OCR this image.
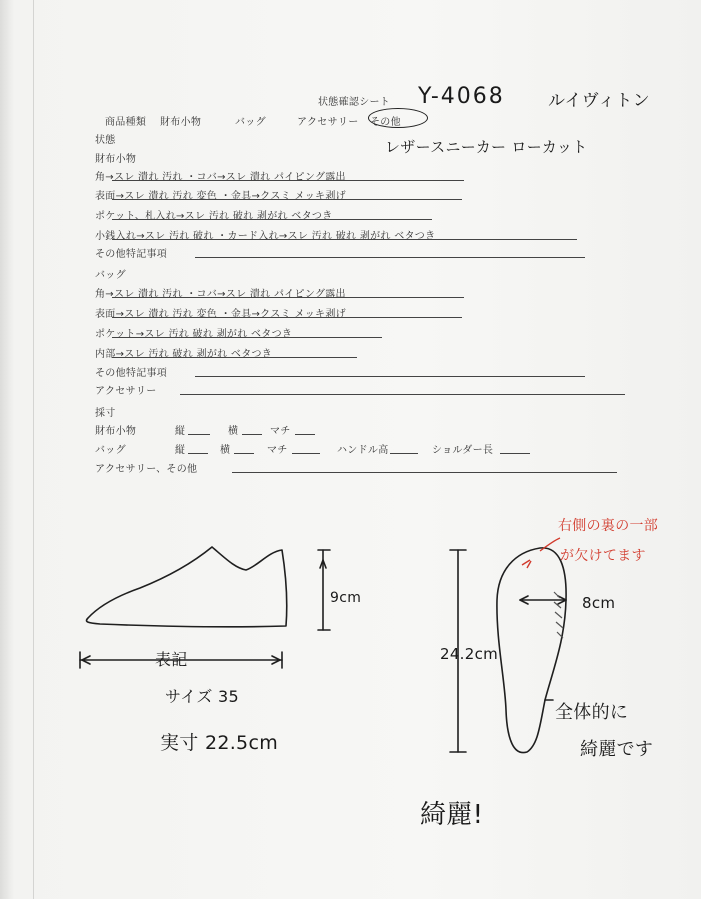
状態確認シート Y-4068	ルイヴィトン
レザースニーカー ローカット
商品種類 財布小物	バッグ	アクセサリー その他
状態
財布小物
角→スレ 潰れ 汚れ ・コバ→スレ 潰れ パイピング露出
表面→スレ 潰れ 汚れ 変色 ・金具→クスミ メッキ剥げ
ポケット、札入れ→スレ 汚れ 破れ 剥がれ ベタつき
小銭入れ→スレ 汚れ 破れ ・カード入れ→スレ 汚れ 破れ 剥がれ ベタつき
その他特記事項
バッグ
角→スレ 潰れ 汚れ ・コバ→スレ 潰れ パイピング露出
表面→スレ 潰れ 汚れ 変色 ・金具→クスミ メッキ剥げ
ポケット→スレ 汚れ 破れ 剥がれ ベタつき
内部→スレ 汚れ 破れ 剥がれ ベタつき
その他特記事項
アクセサリー
採寸
財布小物	縦	横	マチ
バッグ	縦	横	マチ	ハンドル高	ショルダー長
アクセサリー、その他
9cm
表記
サイズ 35
実寸 22.5cm
24.2cm
8cm
右側の裏の一部
が欠けてます
全体的に
綺麗です
綺麗!
